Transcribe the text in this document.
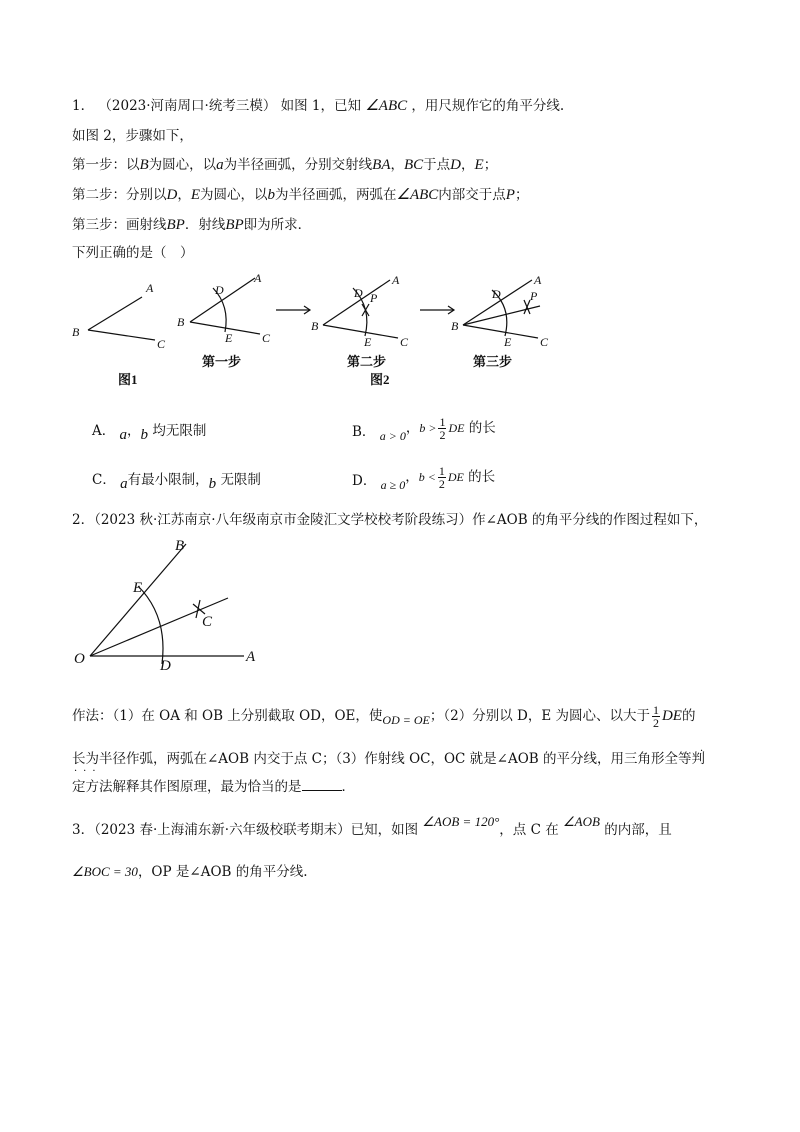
1． （2023·河南周口·统考三模） 如图 1，已知 ∠ABC ，用尺规作它的角平分线.
如图 2，步骤如下，
第一步：以B为圆心，以a为半径画弧，分别交射线BA，BC于点D，E；
第二步：分别以D，E为圆心，以b为半径画弧，两弧在∠ABC内部交于点P；
第三步：画射线BP．射线BP即为所求．
下列正确的是（　）
A
B
C
A
D
B
E C
A
D P
B
E C
A
D P
B
E C
第一步	第二步	第三步
图1	图2
A． a，b 均无限制	B． a > 0，$b > \frac{1}{2}$ DE 的长
C． a有最小限制，b 无限制	D． a ≥ 0，$b < \frac{1}{2}$ DE 的长
2．（2023 秋·江苏南京·八年级南京市金陵汇文学校校考阶段练习）作∠AOB 的角平分线的作图过程如下，
B
E
C
O	D
A
作法：（1）在 OA 和 OB 上分别截取 OD，OE，使OD = OE；（2）分别以 D，E 为圆心、以大于 $\frac{1}{2}$ DE的
长为半径作弧，两弧在∠AOB 内交于点 C；（3）作射线 OC，OC 就是∠AOB 的平分线，用三角形全等判
·
定方法解释其作图原理，最为恰当的是	．
···
3．（2023 春·上海浦东新·六年级校联考期末）已知，如图 ∠AOB = 120°，点 C 在 ∠AOB 的内部，且
∠BOC = 30，OP 是∠AOB 的角平分线.
